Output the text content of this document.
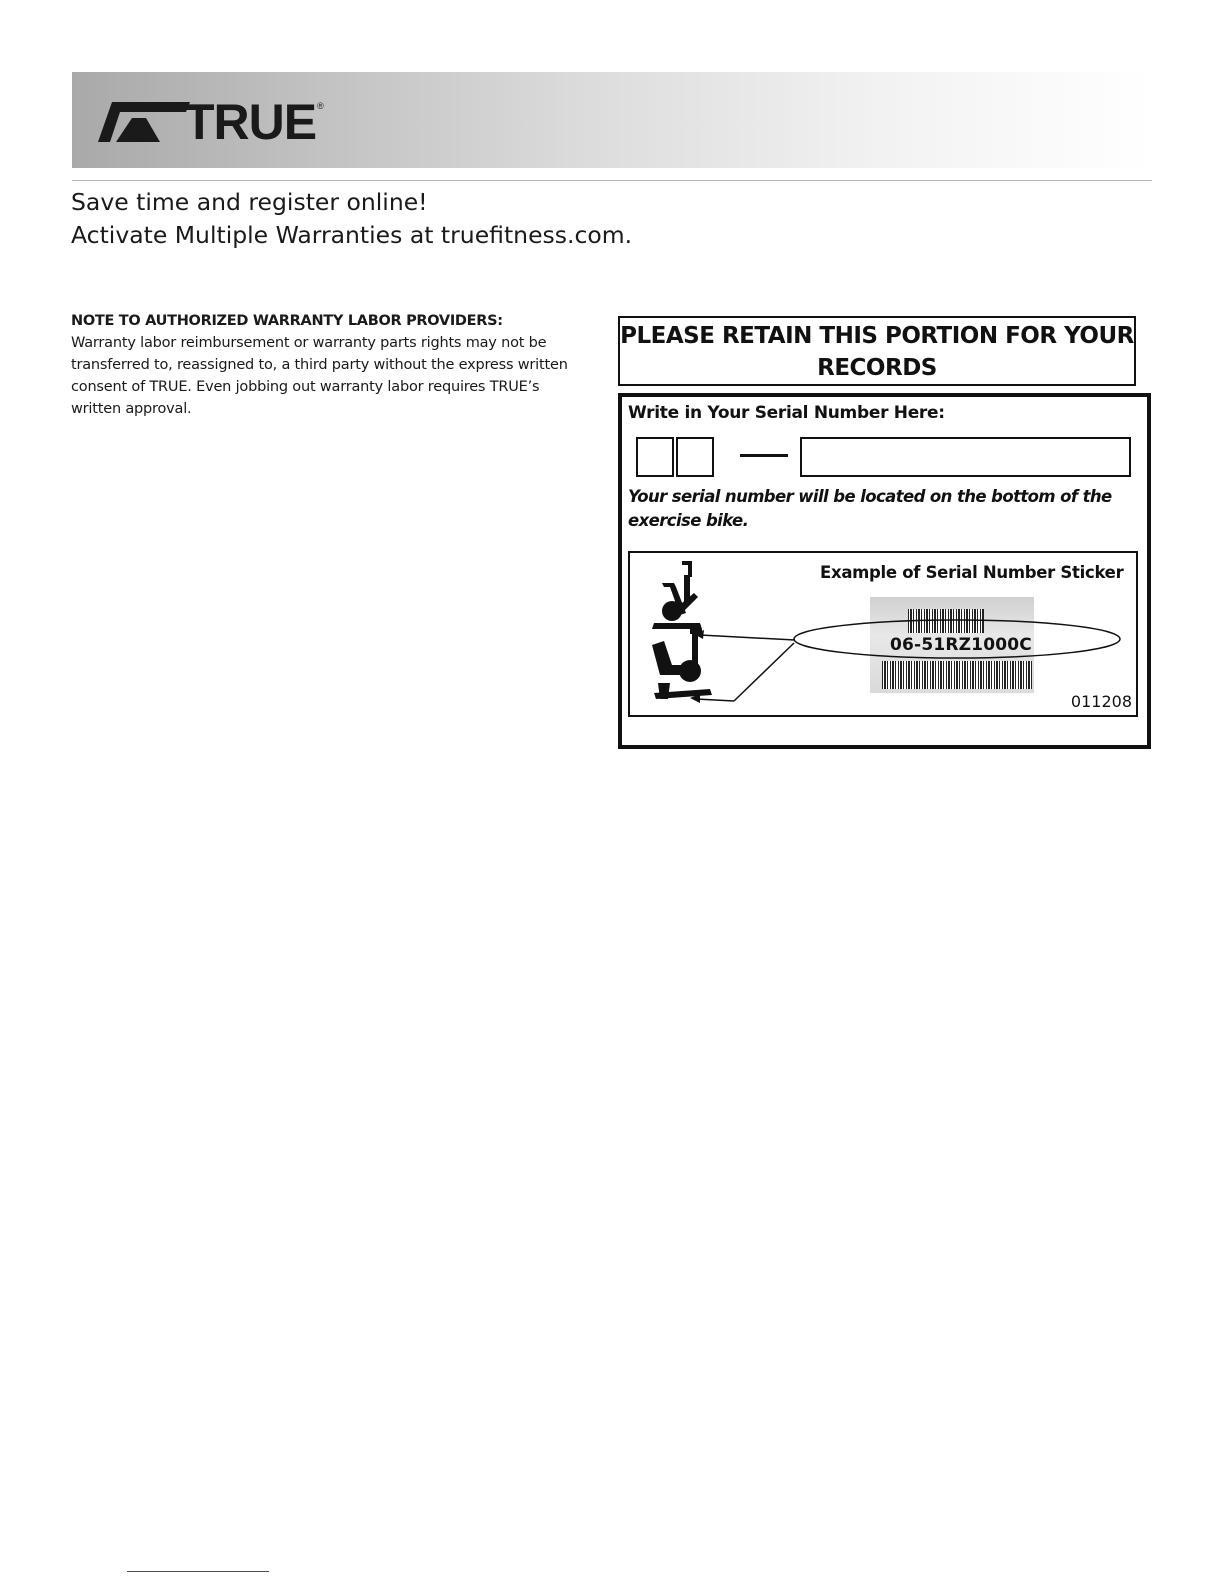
TRUE ®
Save time and register online!
Activate Multiple Warranties at truefitness.com.
NOTE TO AUTHORIZED WARRANTY LABOR PROVIDERS:
Warranty labor reimbursement or warranty parts rights may not be
transferred to, reassigned to, a third party without the express written
consent of TRUE. Even jobbing out warranty labor requires TRUE’s
written approval.
PLEASE RETAIN THIS PORTION FOR YOUR
RECORDS
Write in Your Serial Number Here:
Your serial number will be located on the bottom of the
exercise bike.
Example of Serial Number Sticker
06-51RZ1000C
011208
